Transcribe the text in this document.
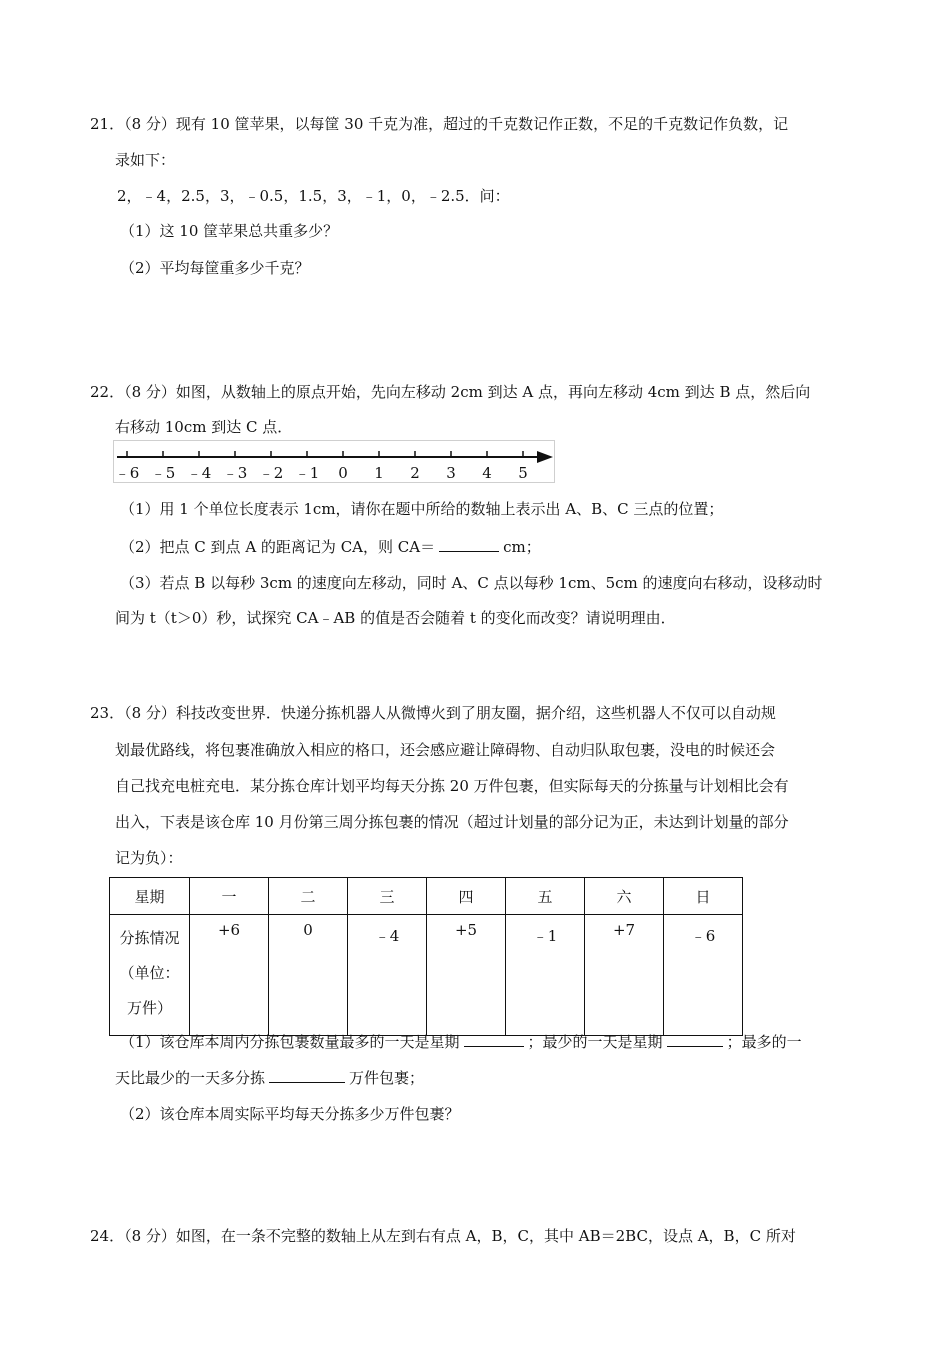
21．（8 分）现有 10 筐苹果，以每筐 30 千克为准，超过的千克数记作正数，不足的千克数记作负数，记
录如下：
2，﹣4，2.5，3，﹣0.5，1.5，3，﹣1，0，﹣2.5．问：
（1）这 10 筐苹果总共重多少？
（2）平均每筐重多少千克？
22．（8 分）如图，从数轴上的原点开始，先向左移动 2cm 到达 A 点，再向左移动 4cm 到达 B 点，然后向
右移动 10cm 到达 C 点．
﹣6 ﹣5 ﹣4 ﹣3 ﹣2 ﹣1 0 1 2 3 4 5
（1）用 1 个单位长度表示 1cm，请你在题中所给的数轴上表示出 A、B、C 三点的位置；
（2）把点 C 到点 A 的距离记为 CA，则 CA＝	cm；
（3）若点 B 以每秒 3cm 的速度向左移动，同时 A、C 点以每秒 1cm、5cm 的速度向右移动，设移动时
间为 t（t＞0）秒，试探究 CA﹣AB 的值是否会随着 t 的变化而改变？请说明理由．
23．（8 分）科技改变世界．快递分拣机器人从微博火到了朋友圈，据介绍，这些机器人不仅可以自动规
划最优路线，将包裹准确放入相应的格口，还会感应避让障碍物、自动归队取包裹，没电的时候还会
自己找充电桩充电．某分拣仓库计划平均每天分拣 20 万件包裹，但实际每天的分拣量与计划相比会有
出入，下表是该仓库 10 月份第三周分拣包裹的情况（超过计划量的部分记为正，未达到计划量的部分
记为负）：
星期	一	二	三	四	五	六	日

分拣情况
（单位：
万件）	+6	0	﹣4	+5	﹣1	+7	﹣6
（1）该仓库本周内分拣包裹数量最多的一天是星期	；最少的一天是星期	；最多的一
天比最少的一天多分拣	万件包裹；
（2）该仓库本周实际平均每天分拣多少万件包裹？
24．（8 分）如图，在一条不完整的数轴上从左到右有点 A，B，C，其中 AB＝2BC，设点 A，B，C 所对
